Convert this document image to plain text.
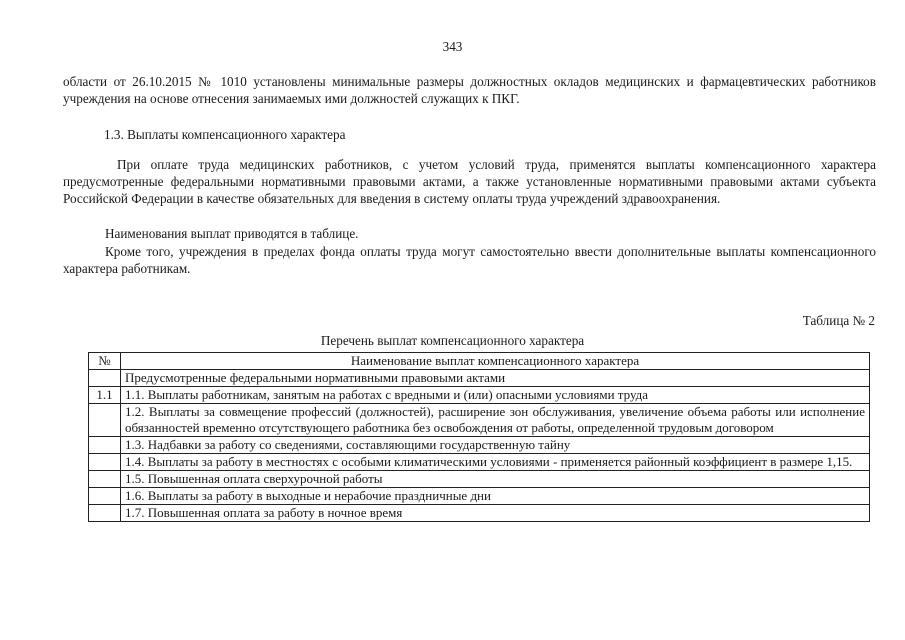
343

области от 26.10.2015 № 1010 установлены минимальные размеры должностных окладов медицинских и фармацевтических работников учреждения на основе отнесения занимаемых ими должностей служащих к ПКГ.

1.3. Выплаты компенсационного характера

При оплате труда медицинских работников, с учетом условий труда, применятся выплаты компенсационного характера предусмотренные федеральными нормативными правовыми актами, а также установленные нормативными правовыми актами субъекта Российской Федерации в качестве обязательных для введения в систему оплаты труда учреждений здравоохранения.

Наименования выплат приводятся в таблице.

Кроме того, учреждения в пределах фонда оплаты труда могут самостоятельно ввести дополнительные выплаты компенсационного характера работникам.

Таблица № 2

Перечень выплат компенсационного характера

№	Наименование выплат компенсационного характера
	Предусмотренные федеральными нормативными правовыми актами
1.1	1.1. Выплаты работникам, занятым на работах с вредными и (или) опасными условиями труда
	1.2. Выплаты за совмещение профессий (должностей), расширение зон обслуживания, увеличение объема работы или исполнение обязанностей временно отсутствующего работника без освобождения от работы, определенной трудовым договором
	1.3. Надбавки за работу со сведениями, составляющими государственную тайну
	1.4. Выплаты за работу в местностях с особыми климатическими условиями - применяется районный коэффициент в размере 1,15.
	1.5. Повышенная оплата сверхурочной работы
	1.6. Выплаты за работу в выходные и нерабочие праздничные дни
	1.7. Повышенная оплата за работу в ночное время
